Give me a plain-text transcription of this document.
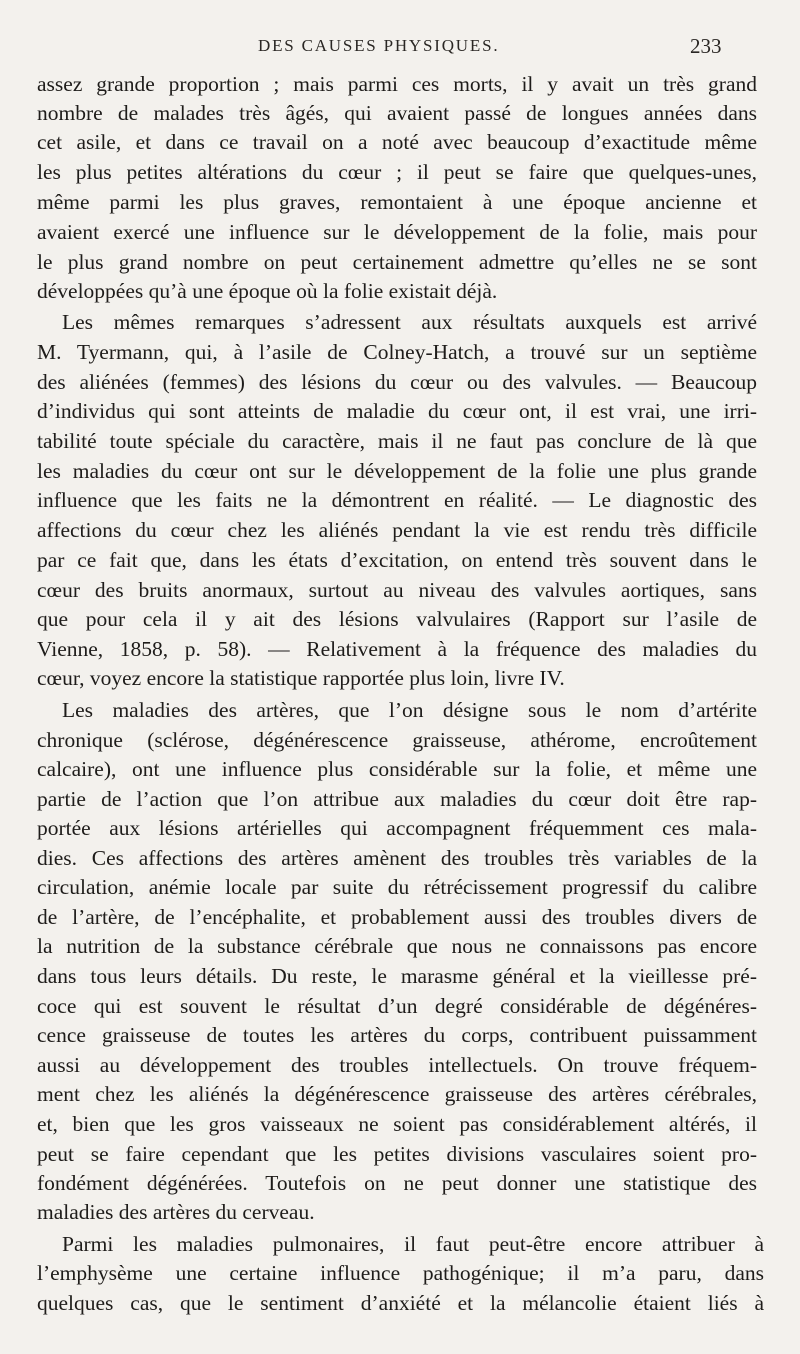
DES CAUSES PHYSIQUES.	233
assez grande proportion ; mais parmi ces morts, il y avait un très grand
nombre de malades très âgés, qui avaient passé de longues années dans
cet asile, et dans ce travail on a noté avec beaucoup d’exactitude même
les plus petites altérations du cœur ; il peut se faire que quelques-unes,
même parmi les plus graves, remontaient à une époque ancienne et
avaient exercé une influence sur le développement de la folie, mais pour
le plus grand nombre on peut certainement admettre qu’elles ne se sont
développées qu’à une époque où la folie existait déjà.
Les mêmes remarques s’adressent aux résultats auxquels est arrivé
M. Tyermann, qui, à l’asile de Colney-Hatch, a trouvé sur un septième
des aliénées (femmes) des lésions du cœur ou des valvules. — Beaucoup
d’individus qui sont atteints de maladie du cœur ont, il est vrai, une irri-
tabilité toute spéciale du caractère, mais il ne faut pas conclure de là que
les maladies du cœur ont sur le développement de la folie une plus grande
influence que les faits ne la démontrent en réalité. — Le diagnostic des
affections du cœur chez les aliénés pendant la vie est rendu très difficile
par ce fait que, dans les états d’excitation, on entend très souvent dans le
cœur des bruits anormaux, surtout au niveau des valvules aortiques, sans
que pour cela il y ait des lésions valvulaires (Rapport sur l’asile de
Vienne, 1858, p. 58). — Relativement à la fréquence des maladies du
cœur, voyez encore la statistique rapportée plus loin, livre IV.
Les maladies des artères, que l’on désigne sous le nom d’artérite
chronique (sclérose, dégénérescence graisseuse, athérome, encroûtement
calcaire), ont une influence plus considérable sur la folie, et même une
partie de l’action que l’on attribue aux maladies du cœur doit être rap-
portée aux lésions artérielles qui accompagnent fréquemment ces mala-
dies. Ces affections des artères amènent des troubles très variables de la
circulation, anémie locale par suite du rétrécissement progressif du calibre
de l’artère, de l’encéphalite, et probablement aussi des troubles divers de
la nutrition de la substance cérébrale que nous ne connaissons pas encore
dans tous leurs détails. Du reste, le marasme général et la vieillesse pré-
coce qui est souvent le résultat d’un degré considérable de dégénéres-
cence graisseuse de toutes les artères du corps, contribuent puissamment
aussi au développement des troubles intellectuels. On trouve fréquem-
ment chez les aliénés la dégénérescence graisseuse des artères cérébrales,
et, bien que les gros vaisseaux ne soient pas considérablement altérés, il
peut se faire cependant que les petites divisions vasculaires soient pro-
fondément dégénérées. Toutefois on ne peut donner une statistique des
maladies des artères du cerveau.
Parmi les maladies pulmonaires, il faut peut-être encore attribuer à
l’emphysème une certaine influence pathogénique; il m’a paru, dans
quelques cas, que le sentiment d’anxiété et la mélancolie étaient liés à
